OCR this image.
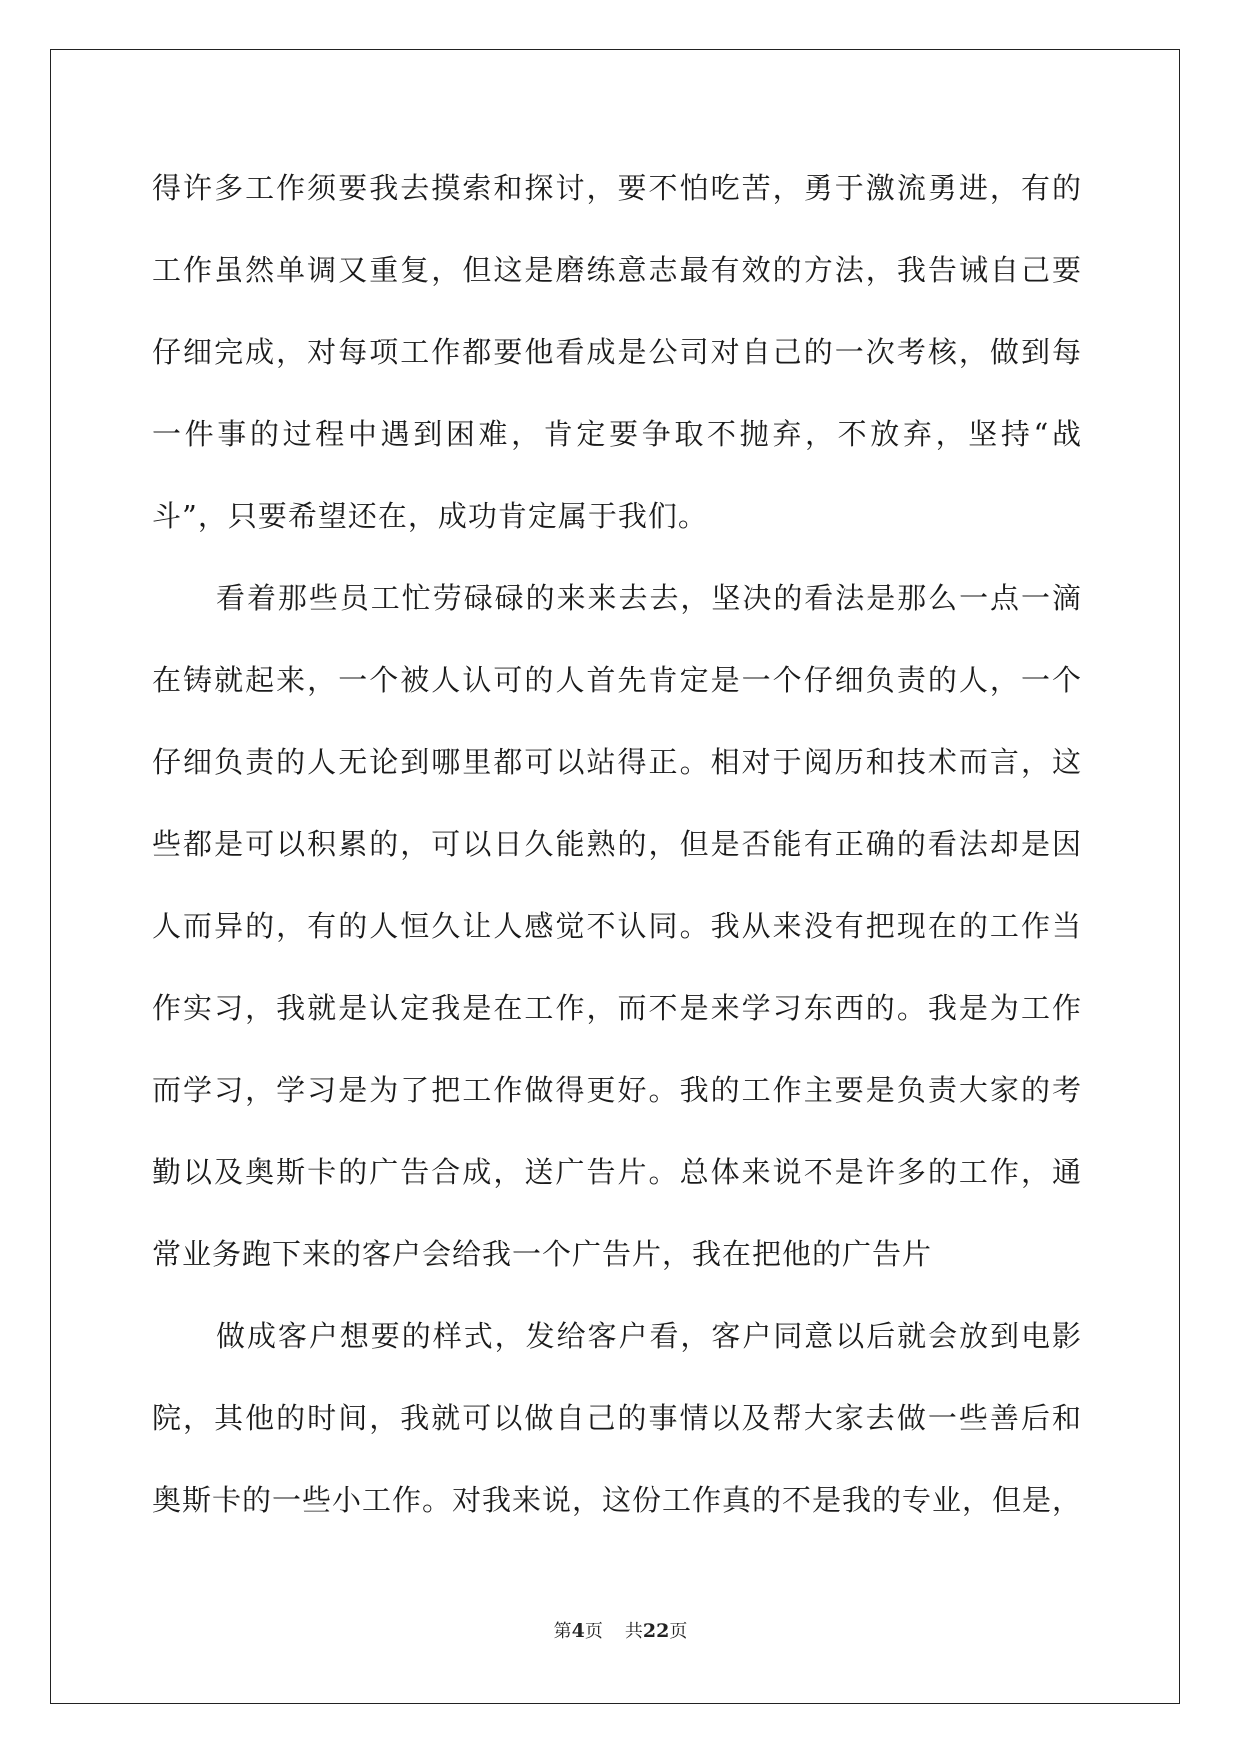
得许多工作须要我去摸索和探讨，要不怕吃苦，勇于激流勇进，有的
工作虽然单调又重复，但这是磨练意志最有效的方法，我告诫自己要
仔细完成，对每项工作都要他看成是公司对自己的一次考核，做到每
一件事的过程中遇到困难，肯定要争取不抛弃，不放弃，坚持“战
斗”，只要希望还在，成功肯定属于我们。
看着那些员工忙劳碌碌的来来去去，坚决的看法是那么一点一滴
在铸就起来，一个被人认可的人首先肯定是一个仔细负责的人，一个
仔细负责的人无论到哪里都可以站得正。相对于阅历和技术而言，这
些都是可以积累的，可以日久能熟的，但是否能有正确的看法却是因
人而异的，有的人恒久让人感觉不认同。我从来没有把现在的工作当
作实习，我就是认定我是在工作，而不是来学习东西的。我是为工作
而学习，学习是为了把工作做得更好。我的工作主要是负责大家的考
勤以及奥斯卡的广告合成，送广告片。总体来说不是许多的工作，通
常业务跑下来的客户会给我一个广告片，我在把他的广告片
做成客户想要的样式，发给客户看，客户同意以后就会放到电影
院，其他的时间，我就可以做自己的事情以及帮大家去做一些善后和
奥斯卡的一些小工作。对我来说，这份工作真的不是我的专业，但是，
第4页 共22页
